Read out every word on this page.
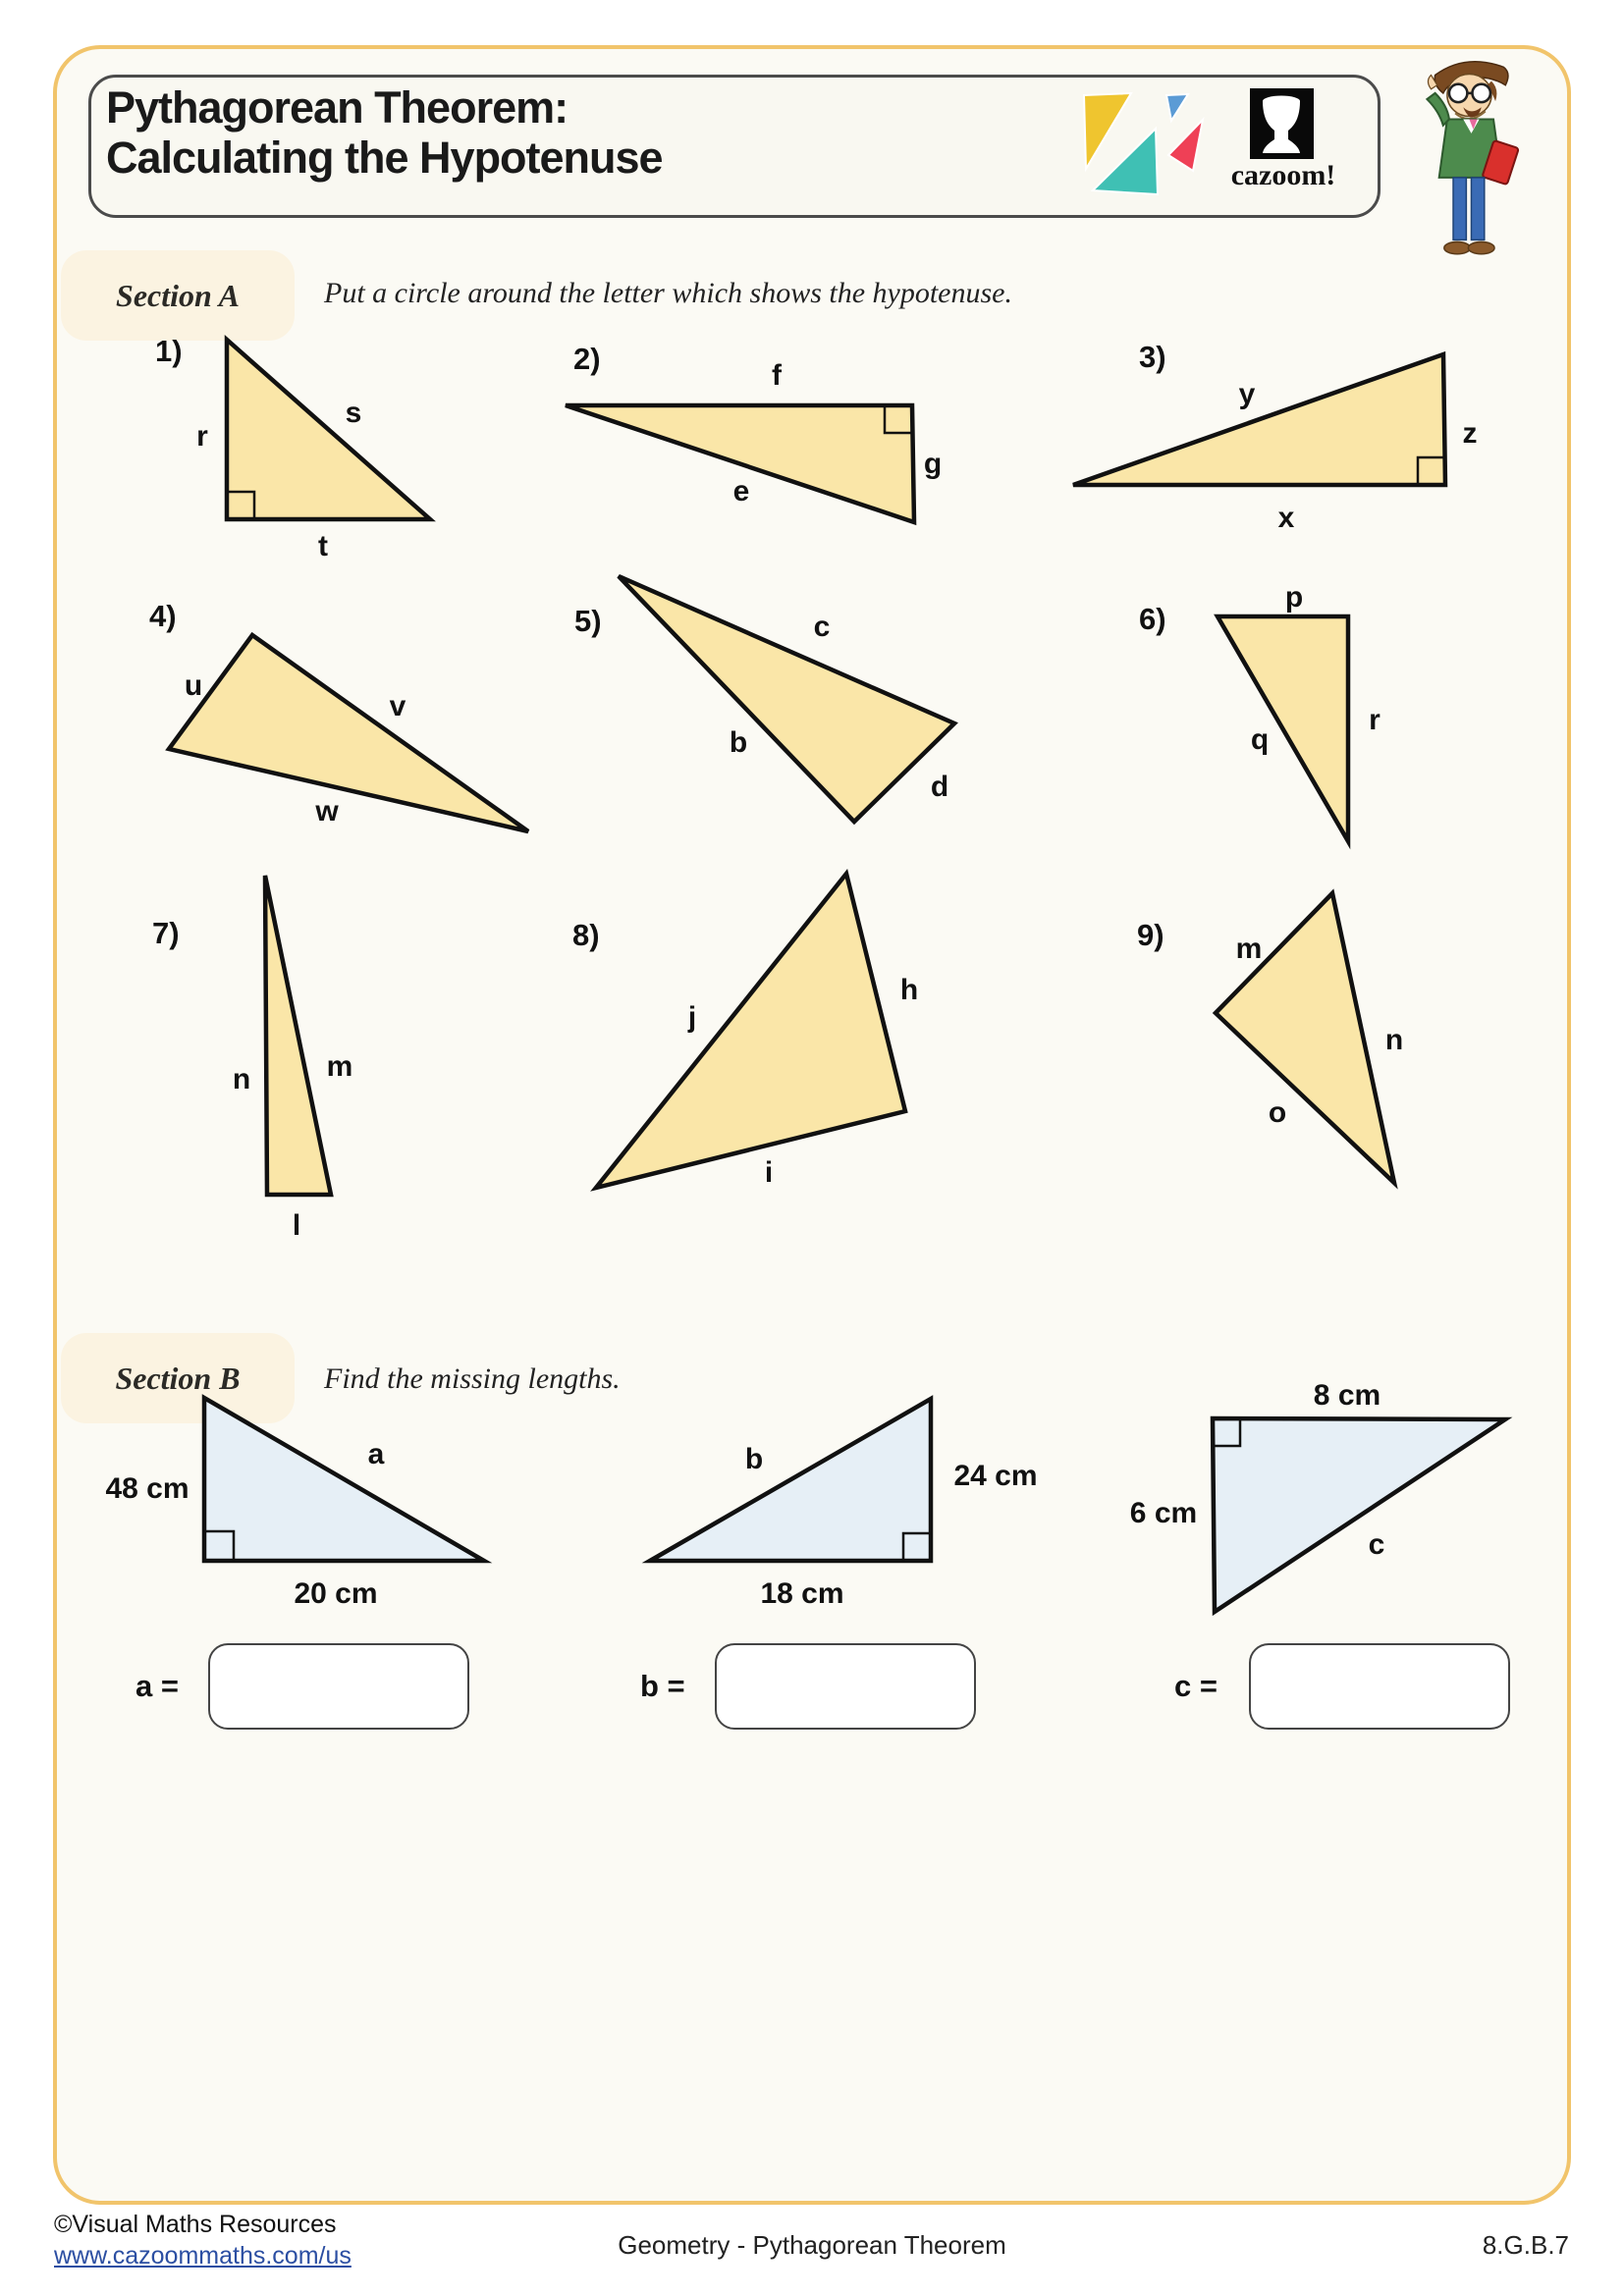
Pythagorean Theorem:
Calculating the Hypotenuse	cazoom!
Section A	Put a circle around the letter which shows the hypotenuse.
Section B	Find the missing lengths.
1)
r
s
t
2)	f
g
e
3)
y
z
x
4)
u
v
w
5)	c
b
d
6)
p
q
r
7)
n	m
l
8)
j
h
i
9) m
n
o
48 cm
a
20 cm
b
24 cm
18 cm
8 cm
6 cm
c
a =	b =	c =
©Visual Maths Resources
www.cazoommaths.com/us	Geometry - Pythagorean Theorem	8.G.B.7
